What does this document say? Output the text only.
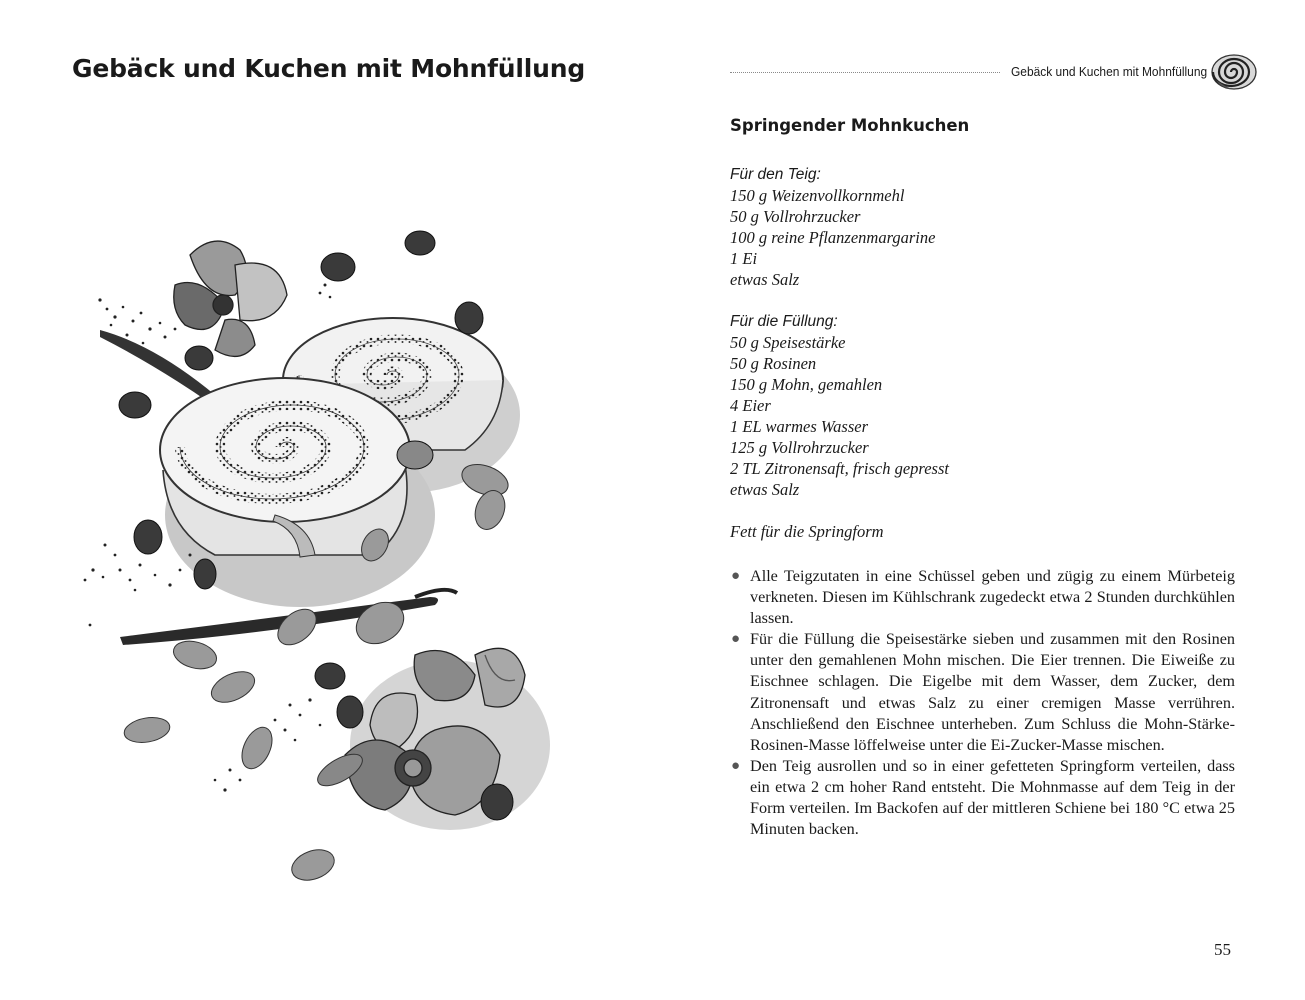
Gebäck und Kuchen mit Mohnfüllung	Gebäck und Kuchen mit Mohnfüllung
Springender Mohnkuchen
Für den Teig:
150 g Weizenvollkornmehl
50 g Vollrohrzucker
100 g reine Pflanzenmargarine
1 Ei
etwas Salz
Für die Füllung:
50 g Speisestärke
50 g Rosinen
150 g Mohn, gemahlen
4 Eier
1 EL warmes Wasser
125 g Vollrohrzucker
2 TL Zitronensaft, frisch gepresst
etwas Salz
Fett für die Springform
● Alle Teigzutaten in eine Schüssel geben und zügig zu einem Mürbeteig verkneten. Diesen im Kühlschrank zugedeckt etwa 2 Stunden durchkühlen lassen.
● Für die Füllung die Speisestärke sieben und zusammen mit den Rosinen unter den gemahlenen Mohn mischen. Die Eier trennen. Die Eiweiße zu Eischnee schlagen. Die Eigelbe mit dem Wasser, dem Zucker, dem Zitronensaft und etwas Salz zu einer cremigen Masse verrühren. Anschließend den Eischnee unterheben. Zum Schluss die Mohn-Stärke-Rosinen-Masse löffelweise unter die Ei-Zucker-Masse mischen.
● Den Teig ausrollen und so in einer gefetteten Springform verteilen, dass ein etwa 2 cm hoher Rand entsteht. Die Mohnmasse auf dem Teig in der Form verteilen. Im Backofen auf der mittleren Schiene bei 180 °C etwa 25 Minuten backen.
55
